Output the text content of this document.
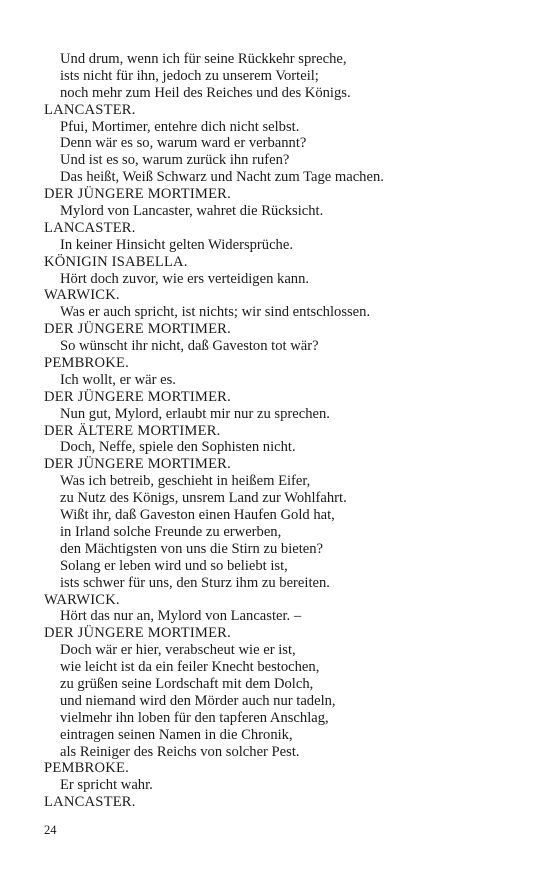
Und drum, wenn ich für seine Rückkehr spreche,
ists nicht für ihn, jedoch zu unserem Vorteil;
noch mehr zum Heil des Reiches und des Königs.
LANCASTER.
Pfui, Mortimer, entehre dich nicht selbst.
Denn wär es so, warum ward er verbannt?
Und ist es so, warum zurück ihn rufen?
Das heißt, Weiß Schwarz und Nacht zum Tage machen.
DER JÜNGERE MORTIMER.
Mylord von Lancaster, wahret die Rücksicht.
LANCASTER.
In keiner Hinsicht gelten Widersprüche.
KÖNIGIN ISABELLA.
Hört doch zuvor, wie ers verteidigen kann.
WARWICK.
Was er auch spricht, ist nichts; wir sind entschlossen.
DER JÜNGERE MORTIMER.
So wünscht ihr nicht, daß Gaveston tot wär?
PEMBROKE.
Ich wollt, er wär es.
DER JÜNGERE MORTIMER.
Nun gut, Mylord, erlaubt mir nur zu sprechen.
DER ÄLTERE MORTIMER.
Doch, Neffe, spiele den Sophisten nicht.
DER JÜNGERE MORTIMER.
Was ich betreib, geschieht in heißem Eifer,
zu Nutz des Königs, unsrem Land zur Wohlfahrt.
Wißt ihr, daß Gaveston einen Haufen Gold hat,
in Irland solche Freunde zu erwerben,
den Mächtigsten von uns die Stirn zu bieten?
Solang er leben wird und so beliebt ist,
ists schwer für uns, den Sturz ihm zu bereiten.
WARWICK.
Hört das nur an, Mylord von Lancaster. –
DER JÜNGERE MORTIMER.
Doch wär er hier, verabscheut wie er ist,
wie leicht ist da ein feiler Knecht bestochen,
zu grüßen seine Lordschaft mit dem Dolch,
und niemand wird den Mörder auch nur tadeln,
vielmehr ihn loben für den tapferen Anschlag,
eintragen seinen Namen in die Chronik,
als Reiniger des Reichs von solcher Pest.
PEMBROKE.
Er spricht wahr.
LANCASTER.
24
